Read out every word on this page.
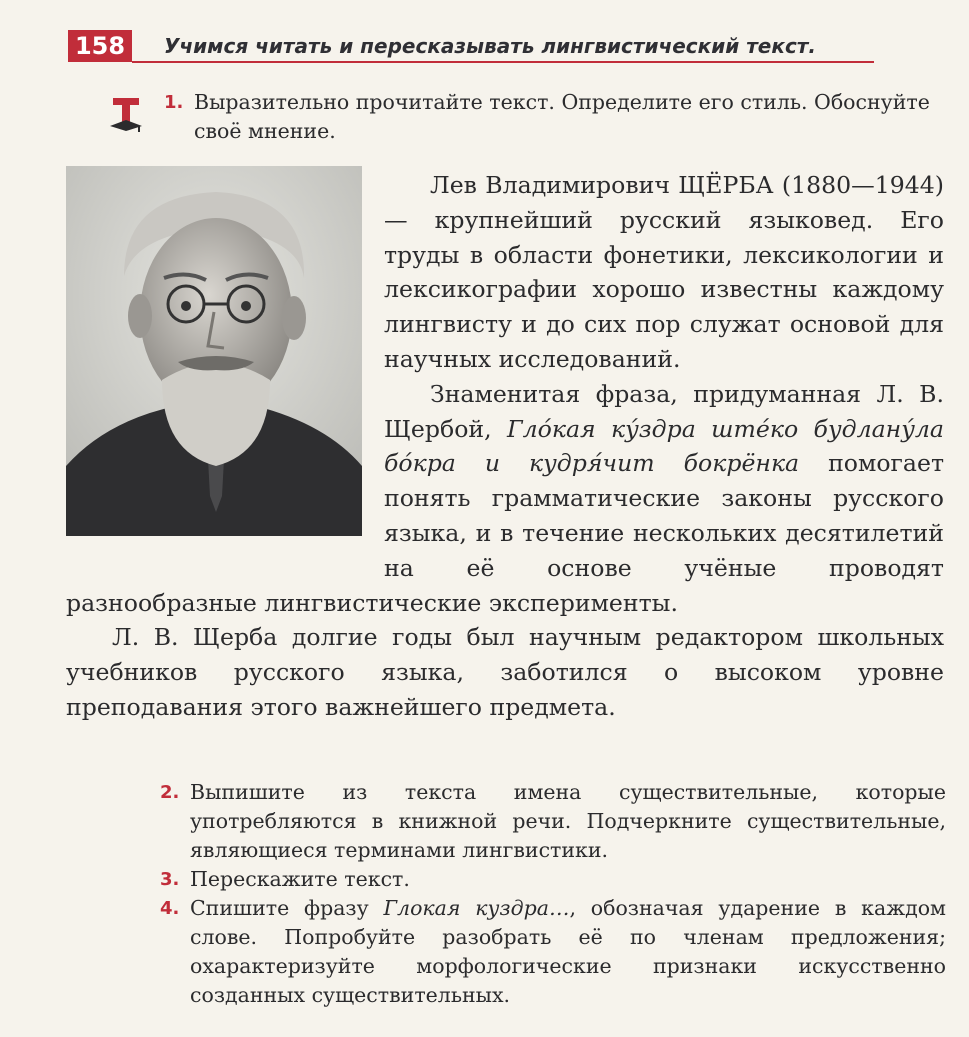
158	Учимся читать и пересказывать лингвистический текст.
1. Выразительно прочитайте текст. Определите его стиль. Обоснуйте своё мнение.

Лев Владимирович ЩЁРБА (1880—1944) — крупнейший русский языковед. Его труды в области фонетики, лексикологии и лексикографии хорошо известны каждому лингвисту и до сих пор служат основой для научных исследований.

Знаменитая фраза, придуманная Л. В. Щербой, Гло́кая ку́здра ште́ко будлану́ла бо́кра и кудря́чит бокрёнка помогает понять грамматические законы русского языка, и в течение нескольких десятилетий на её основе учёные проводят разнообразные лингвистические эксперименты.

Л. В. Щерба долгие годы был научным редактором школьных учебников русского языка, заботился о высоком уровне преподавания этого важнейшего предмета.

2. Выпишите из текста имена существительные, которые употребляются в книжной речи. Подчеркните существительные, являющиеся терминами лингвистики.

3. Перескажите текст.

4. Спишите фразу Глокая куздра…, обозначая ударение в каждом слове. Попробуйте разобрать её по членам предложения; охарактеризуйте морфологические признаки искусственно созданных существительных.
